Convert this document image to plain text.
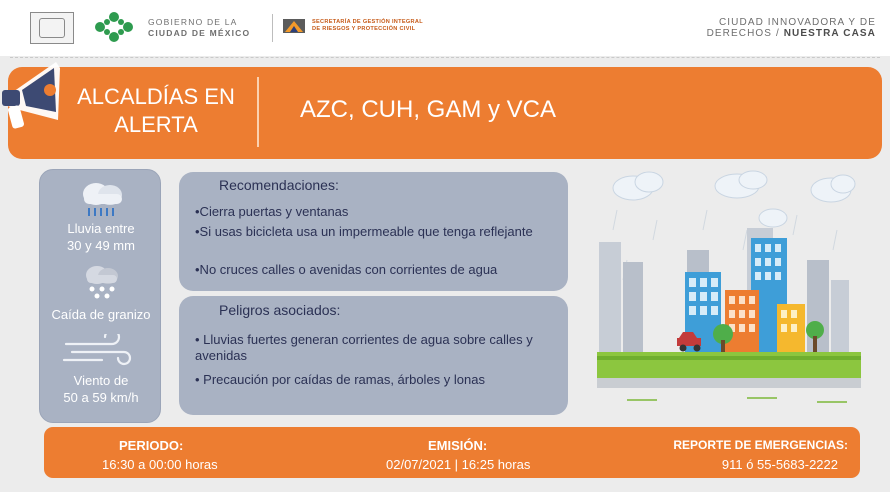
GOBIERNO DE LA
CIUDAD DE MÉXICO
SECRETARÍA DE GESTIÓN INTEGRAL
DE RIESGOS Y PROTECCIÓN CIVIL
CIUDAD INNOVADORA Y DE
DERECHOS / NUESTRA CASA
ALCALDÍAS EN
ALERTA
AZC, CUH, GAM y VCA
Lluvia entre
30 y 49 mm
Caída de granizo
Viento de
50 a 59 km/h
Recomendaciones:
•Cierra puertas y ventanas
•Si usas bicicleta usa un impermeable que tenga reflejante
•No cruces calles o avenidas con corrientes de agua
Peligros asociados:
• Lluvias fuertes generan corrientes de agua sobre calles y avenidas
• Precaución por caídas de ramas, árboles y lonas
PERIODO:
16:30 a 00:00 horas
EMISIÓN:
02/07/2021 | 16:25 horas
REPORTE DE EMERGENCIAS:
911 ó 55-5683-2222
